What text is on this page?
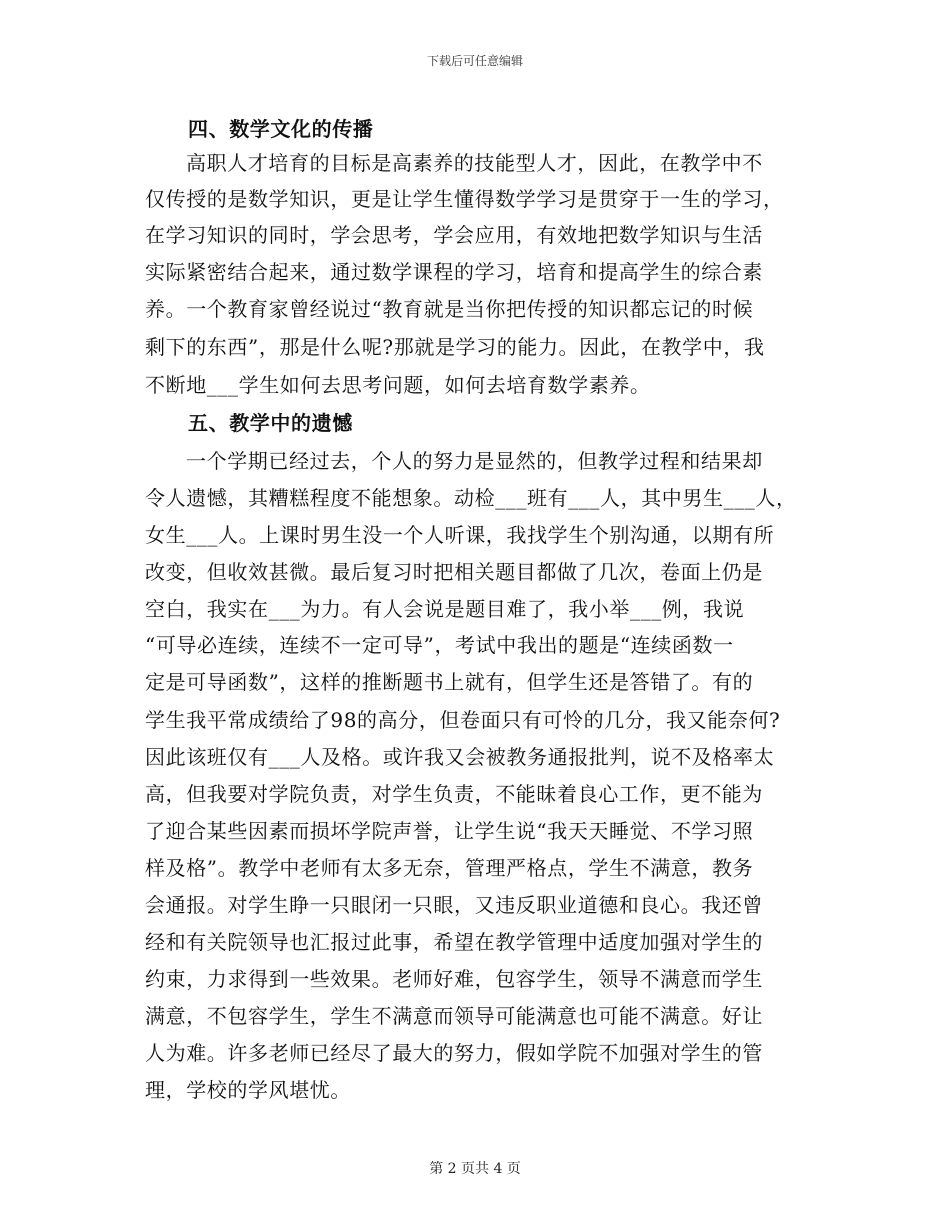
下载后可任意编辑
四、数学文化的传播
高职人才培育的目标是高素养的技能型人才，因此，在教学中不
仅传授的是数学知识，更是让学生懂得数学学习是贯穿于一生的学习，
在学习知识的同时，学会思考，学会应用，有效地把数学知识与生活
实际紧密结合起来，通过数学课程的学习，培育和提高学生的综合素
养。一个教育家曾经说过“教育就是当你把传授的知识都忘记的时候
剩下的东西”，那是什么呢?那就是学习的能力。因此，在教学中，我
不断地___学生如何去思考问题，如何去培育数学素养。
五、教学中的遗憾
一个学期已经过去，个人的努力是显然的，但教学过程和结果却
令人遗憾，其糟糕程度不能想象。动检___班有___人，其中男生___人，
女生___人。上课时男生没一个人听课，我找学生个别沟通，以期有所
改变，但收效甚微。最后复习时把相关题目都做了几次，卷面上仍是
空白，我实在___为力。有人会说是题目难了，我小举___例，我说
“可导必连续，连续不一定可导”，考试中我出的题是“连续函数一
定是可导函数”，这样的推断题书上就有，但学生还是答错了。有的
学生我平常成绩给了98的高分，但卷面只有可怜的几分，我又能奈何?
因此该班仅有___人及格。或许我又会被教务通报批判，说不及格率太
高，但我要对学院负责，对学生负责，不能昧着良心工作，更不能为
了迎合某些因素而损坏学院声誉，让学生说“我天天睡觉、不学习照
样及格”。教学中老师有太多无奈，管理严格点，学生不满意，教务
会通报。对学生睁一只眼闭一只眼，又违反职业道德和良心。我还曾
经和有关院领导也汇报过此事，希望在教学管理中适度加强对学生的
约束，力求得到一些效果。老师好难，包容学生，领导不满意而学生
满意，不包容学生，学生不满意而领导可能满意也可能不满意。好让
人为难。许多老师已经尽了最大的努力，假如学院不加强对学生的管
理，学校的学风堪忧。
第 2 页共 4 页
